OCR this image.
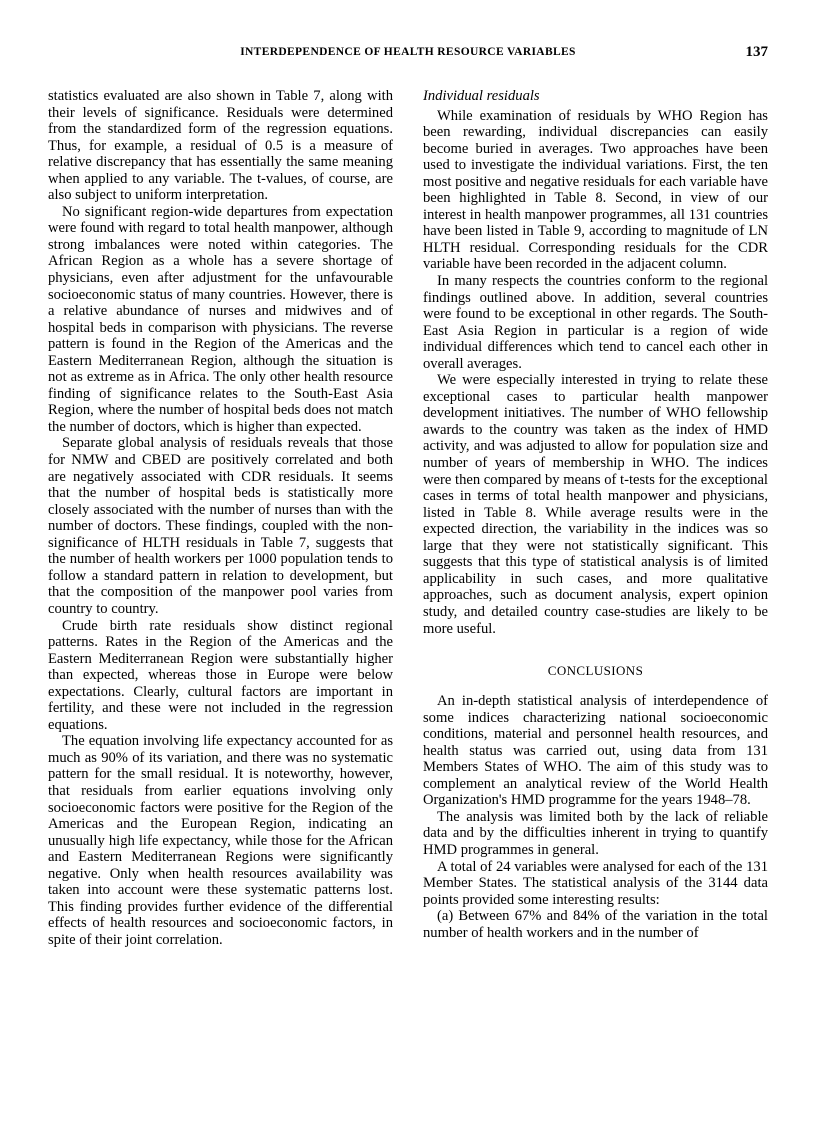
INTERDEPENDENCE OF HEALTH RESOURCE VARIABLES	137

statistics evaluated are also shown in Table 7, along with their levels of significance. Residuals were determined from the standardized form of the regression equations. Thus, for example, a residual of 0.5 is a measure of relative discrepancy that has essentially the same meaning when applied to any variable. The t-values, of course, are also subject to uniform interpretation.

No significant region-wide departures from expectation were found with regard to total health manpower, although strong imbalances were noted within categories. The African Region as a whole has a severe shortage of physicians, even after adjustment for the unfavourable socioeconomic status of many countries. However, there is a relative abundance of nurses and midwives and of hospital beds in comparison with physicians. The reverse pattern is found in the Region of the Americas and the Eastern Mediterranean Region, although the situation is not as extreme as in Africa. The only other health resource finding of significance relates to the South-East Asia Region, where the number of hospital beds does not match the number of doctors, which is higher than expected.

Separate global analysis of residuals reveals that those for NMW and CBED are positively correlated and both are negatively associated with CDR residuals. It seems that the number of hospital beds is statistically more closely associated with the number of nurses than with the number of doctors. These findings, coupled with the non-significance of HLTH residuals in Table 7, suggests that the number of health workers per 1000 population tends to follow a standard pattern in relation to development, but that the composition of the manpower pool varies from country to country.

Crude birth rate residuals show distinct regional patterns. Rates in the Region of the Americas and the Eastern Mediterranean Region were substantially higher than expected, whereas those in Europe were below expectations. Clearly, cultural factors are important in fertility, and these were not included in the regression equations.

The equation involving life expectancy accounted for as much as 90% of its variation, and there was no systematic pattern for the small residual. It is noteworthy, however, that residuals from earlier equations involving only socioeconomic factors were positive for the Region of the Americas and the European Region, indicating an unusually high life expectancy, while those for the African and Eastern Mediterranean Regions were significantly negative. Only when health resources availability was taken into account were these systematic patterns lost. This finding provides further evidence of the differential effects of health resources and socioeconomic factors, in spite of their joint correlation.

Individual residuals

While examination of residuals by WHO Region has been rewarding, individual discrepancies can easily become buried in averages. Two approaches have been used to investigate the individual variations. First, the ten most positive and negative residuals for each variable have been highlighted in Table 8. Second, in view of our interest in health manpower programmes, all 131 countries have been listed in Table 9, according to magnitude of LN HLTH residual. Corresponding residuals for the CDR variable have been recorded in the adjacent column.

In many respects the countries conform to the regional findings outlined above. In addition, several countries were found to be exceptional in other regards. The South-East Asia Region in particular is a region of wide individual differences which tend to cancel each other in overall averages.

We were especially interested in trying to relate these exceptional cases to particular health manpower development initiatives. The number of WHO fellowship awards to the country was taken as the index of HMD activity, and was adjusted to allow for population size and number of years of membership in WHO. The indices were then compared by means of t-tests for the exceptional cases in terms of total health manpower and physicians, listed in Table 8. While average results were in the expected direction, the variability in the indices was so large that they were not statistically significant. This suggests that this type of statistical analysis is of limited applicability in such cases, and more qualitative approaches, such as document analysis, expert opinion study, and detailed country case-studies are likely to be more useful.

CONCLUSIONS

An in-depth statistical analysis of interdependence of some indices characterizing national socioeconomic conditions, material and personnel health resources, and health status was carried out, using data from 131 Members States of WHO. The aim of this study was to complement an analytical review of the World Health Organization's HMD programme for the years 1948–78.

The analysis was limited both by the lack of reliable data and by the difficulties inherent in trying to quantify HMD programmes in general.

A total of 24 variables were analysed for each of the 131 Member States. The statistical analysis of the 3144 data points provided some interesting results:

(a) Between 67% and 84% of the variation in the total number of health workers and in the number of
